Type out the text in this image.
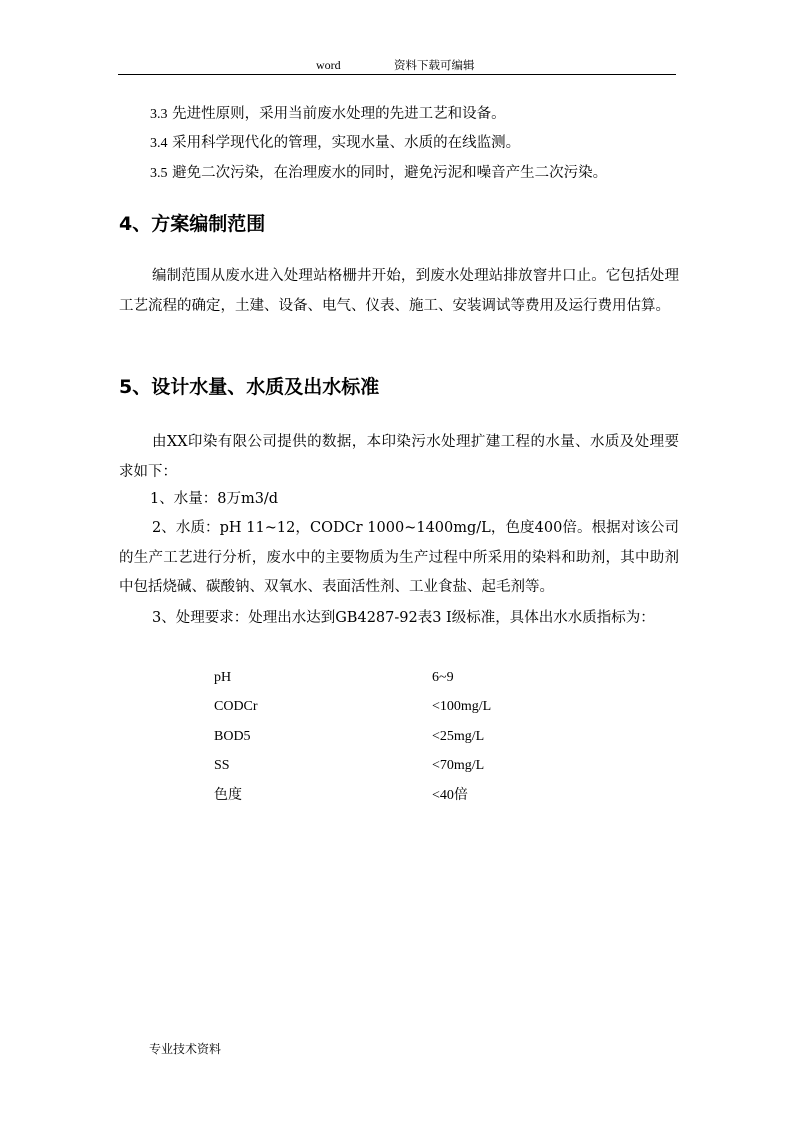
word	资料下载可编辑
3.3 先进性原则，采用当前废水处理的先进工艺和设备。
3.4 采用科学现代化的管理，实现水量、水质的在线监测。
3.5 避免二次污染，在治理废水的同时，避免污泥和噪音产生二次污染。
4、方案编制范围
编制范围从废水进入处理站格栅井开始，到废水处理站排放窨井口止。它包括处理工艺流程的确定，土建、设备、电气、仪表、施工、安装调试等费用及运行费用估算。
5、设计水量、水质及出水标准
由XX印染有限公司提供的数据，本印染污水处理扩建工程的水量、水质及处理要求如下：
1、水量：8万m3/d
2、水质：pH 11~12，CODCr 1000~1400mg/L，色度400倍。根据对该公司的生产工艺进行分析，废水中的主要物质为生产过程中所采用的染料和助剂，其中助剂中包括烧碱、碳酸钠、双氧水、表面活性剂、工业食盐、起毛剂等。
3、处理要求：处理出水达到GB4287-92表3 Ⅰ级标准，具体出水水质指标为：
pH	6~9
CODCr	<100mg/L
BOD5	<25mg/L
SS	<70mg/L
色度	<40倍
专业技术资料
